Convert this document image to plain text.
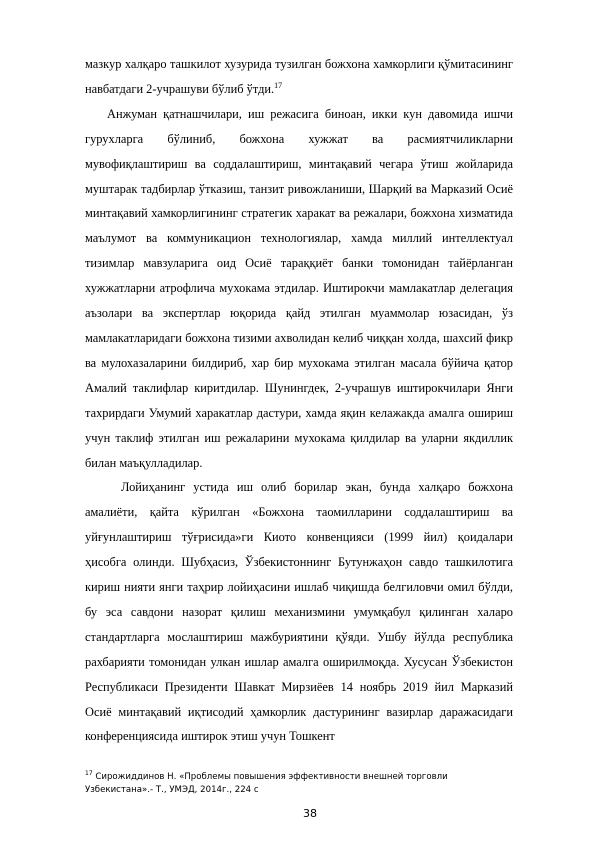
мазкур халқаро ташкилот хузурида тузилган божхона хамкорлиги қўмитасининг навбатдаги 2-учрашуви бўлиб ўтди.$^{17}$

Анжуман қатнашчилари, иш режасига биноан, икки кун давомида ишчи гурухларга бўлиниб, божхона хужжат ва расмиятчиликларни мувофиқлаштириш ва соддалаштириш, минтақавий чегара ўтиш жойларида муштарак тадбирлар ўтказиш, танзит ривожланиши, Шарқий ва Марказий Осиё минтақавий хамкорлигининг стратегик харакат ва режалари, божхона хизматида маълумот ва коммуникацион технологиялар, хамда миллий интеллектуал тизимлар мавзуларига оид Осиё тараққиёт банки томонидан тайёрланган хужжатларни атрофлича мухокама этдилар. Иштирокчи мамлакатлар делегация аъзолари ва экспертлар юқорида қайд этилган муаммолар юзасидан, ўз мамлакатларидаги божхона тизими ахволидан келиб чиққан холда, шахсий фикр ва мулохазаларини билдириб, хар бир мухокама этилган масала бўйича қатор Амалий таклифлар киритдилар. Шунингдек, 2-учрашув иштирокчилари Янги тахрирдаги Умумий харакатлар дастури, хамда яқин келажакда амалга ошириш учун таклиф этилган иш режаларини мухокама қилдилар ва уларни якдиллик билан маъқулладилар.

Лойиҳанинг устида иш олиб борилар экан, бунда халқаро божхона амалиёти, қайта кўрилган «Божхона таомилларини соддалаштириш ва уйғунлаштириш тўғрисида»ги Киото конвенцияси (1999 йил) қоидалари ҳисобга олинди. Шубҳасиз, Ўзбекистоннинг Бутунжаҳон савдо ташкилотига кириш нияти янги таҳрир лойиҳасини ишлаб чиқишда белгиловчи омил бўлди, бу эса савдони назорат қилиш механизмини умумқабул қилинган халаро стандартларга мослаштириш мажбуриятини қўяди. Ушбу йўлда республика рахбарияти томонидан улкан ишлар амалга оширилмоқда. Хусусан Ўзбекистон Республикаси Президенти Шавкат Мирзиёев 14 ноябрь 2019 йил Марказий Осиё минтақавий иқтисодий ҳамкорлик дастурининг вазирлар даражасидаги конференциясида иштирок этиш учун Тошкент

$^{17}$ Сирожиддинов Н. «Проблемы повышения эффективности внешней торговли Узбекистана».- Т., УМЭД, 2014г., 224 с

38
